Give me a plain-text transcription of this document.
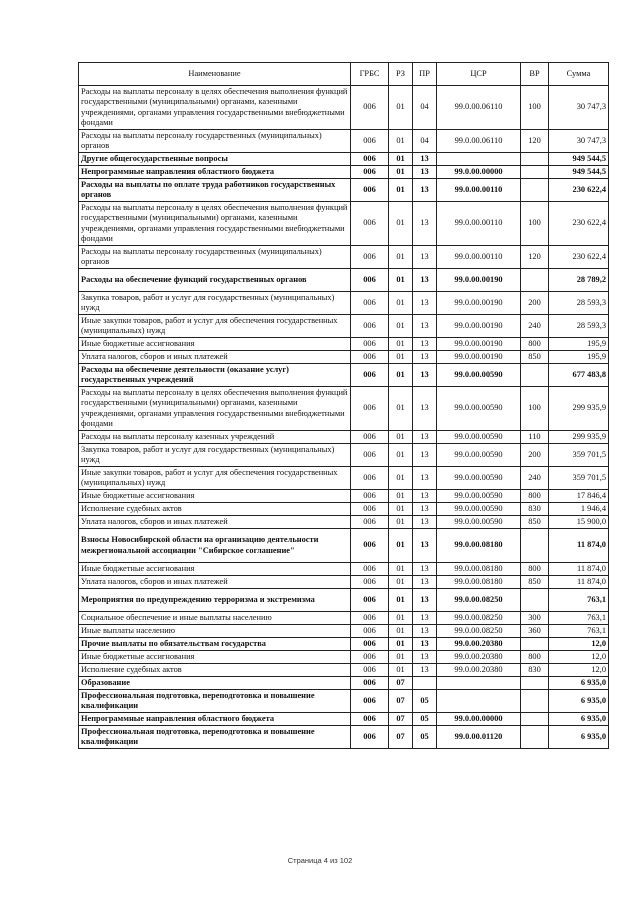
Наименование	ГРБС	РЗ	ПР	ЦСР	ВР	Сумма
Расходы на выплаты персоналу в целях обеспечения выполнения функций государственными (муниципальными) органами, казенными учреждениями, органами управления государственными внебюджетными фондами	006	01	04	99.0.00.06110	100	30 747,3
Расходы на выплаты персоналу государственных (муниципальных) органов	006	01	04	99.0.00.06110	120	30 747,3
Другие общегосударственные вопросы	006	01	13			949 544,5
Непрограммные направления областного бюджета	006	01	13	99.0.00.00000		949 544,5
Расходы на выплаты по оплате труда работников государственных органов	006	01	13	99.0.00.00110		230 622,4
Расходы на выплаты персоналу в целях обеспечения выполнения функций государственными (муниципальными) органами, казенными учреждениями, органами управления государственными внебюджетными фондами	006	01	13	99.0.00.00110	100	230 622,4
Расходы на выплаты персоналу государственных (муниципальных) органов	006	01	13	99.0.00.00110	120	230 622,4
Расходы на обеспечение функций государственных органов	006	01	13	99.0.00.00190		28 789,2
Закупка товаров, работ и услуг для государственных (муниципальных) нужд	006	01	13	99.0.00.00190	200	28 593,3
Иные закупки товаров, работ и услуг для обеспечения государственных (муниципальных) нужд	006	01	13	99.0.00.00190	240	28 593,3
Иные бюджетные ассигнования	006	01	13	99.0.00.00190	800	195,9
Уплата налогов, сборов и иных платежей	006	01	13	99.0.00.00190	850	195,9
Расходы на обеспечение деятельности (оказание услуг) государственных учреждений	006	01	13	99.0.00.00590		677 483,8
Расходы на выплаты персоналу в целях обеспечения выполнения функций государственными (муниципальными) органами, казенными учреждениями, органами управления государственными внебюджетными фондами	006	01	13	99.0.00.00590	100	299 935,9
Расходы на выплаты персоналу казенных учреждений	006	01	13	99.0.00.00590	110	299 935,9
Закупка товаров, работ и услуг для государственных (муниципальных) нужд	006	01	13	99.0.00.00590	200	359 701,5
Иные закупки товаров, работ и услуг для обеспечения государственных (муниципальных) нужд	006	01	13	99.0.00.00590	240	359 701,5
Иные бюджетные ассигнования	006	01	13	99.0.00.00590	800	17 846,4
Исполнение судебных актов	006	01	13	99.0.00.00590	830	1 946,4
Уплата налогов, сборов и иных платежей	006	01	13	99.0.00.00590	850	15 900,0
Взносы Новосибирской области на организацию деятельности межрегиональной ассоциации "Сибирское соглашение"	006	01	13	99.0.00.08180		11 874,0
Иные бюджетные ассигнования	006	01	13	99.0.00.08180	800	11 874,0
Уплата налогов, сборов и иных платежей	006	01	13	99.0.00.08180	850	11 874,0
Мероприятия по предупреждению терроризма и экстремизма	006	01	13	99.0.00.08250		763,1
Социальное обеспечение и иные выплаты населению	006	01	13	99.0.00.08250	300	763,1
Иные выплаты населению	006	01	13	99.0.00.08250	360	763,1
Прочие выплаты по обязательствам государства	006	01	13	99.0.00.20380		12,0
Иные бюджетные ассигнования	006	01	13	99.0.00.20380	800	12,0
Исполнение судебных актов	006	01	13	99.0.00.20380	830	12,0
Образование	006	07				6 935,0
Профессиональная подготовка, переподготовка и повышение квалификации	006	07	05			6 935,0
Непрограммные направления областного бюджета	006	07	05	99.0.00.00000		6 935,0
Профессиональная подготовка, переподготовка и повышение квалификации	006	07	05	99.0.00.01120		6 935,0
Страница 4 из 102
